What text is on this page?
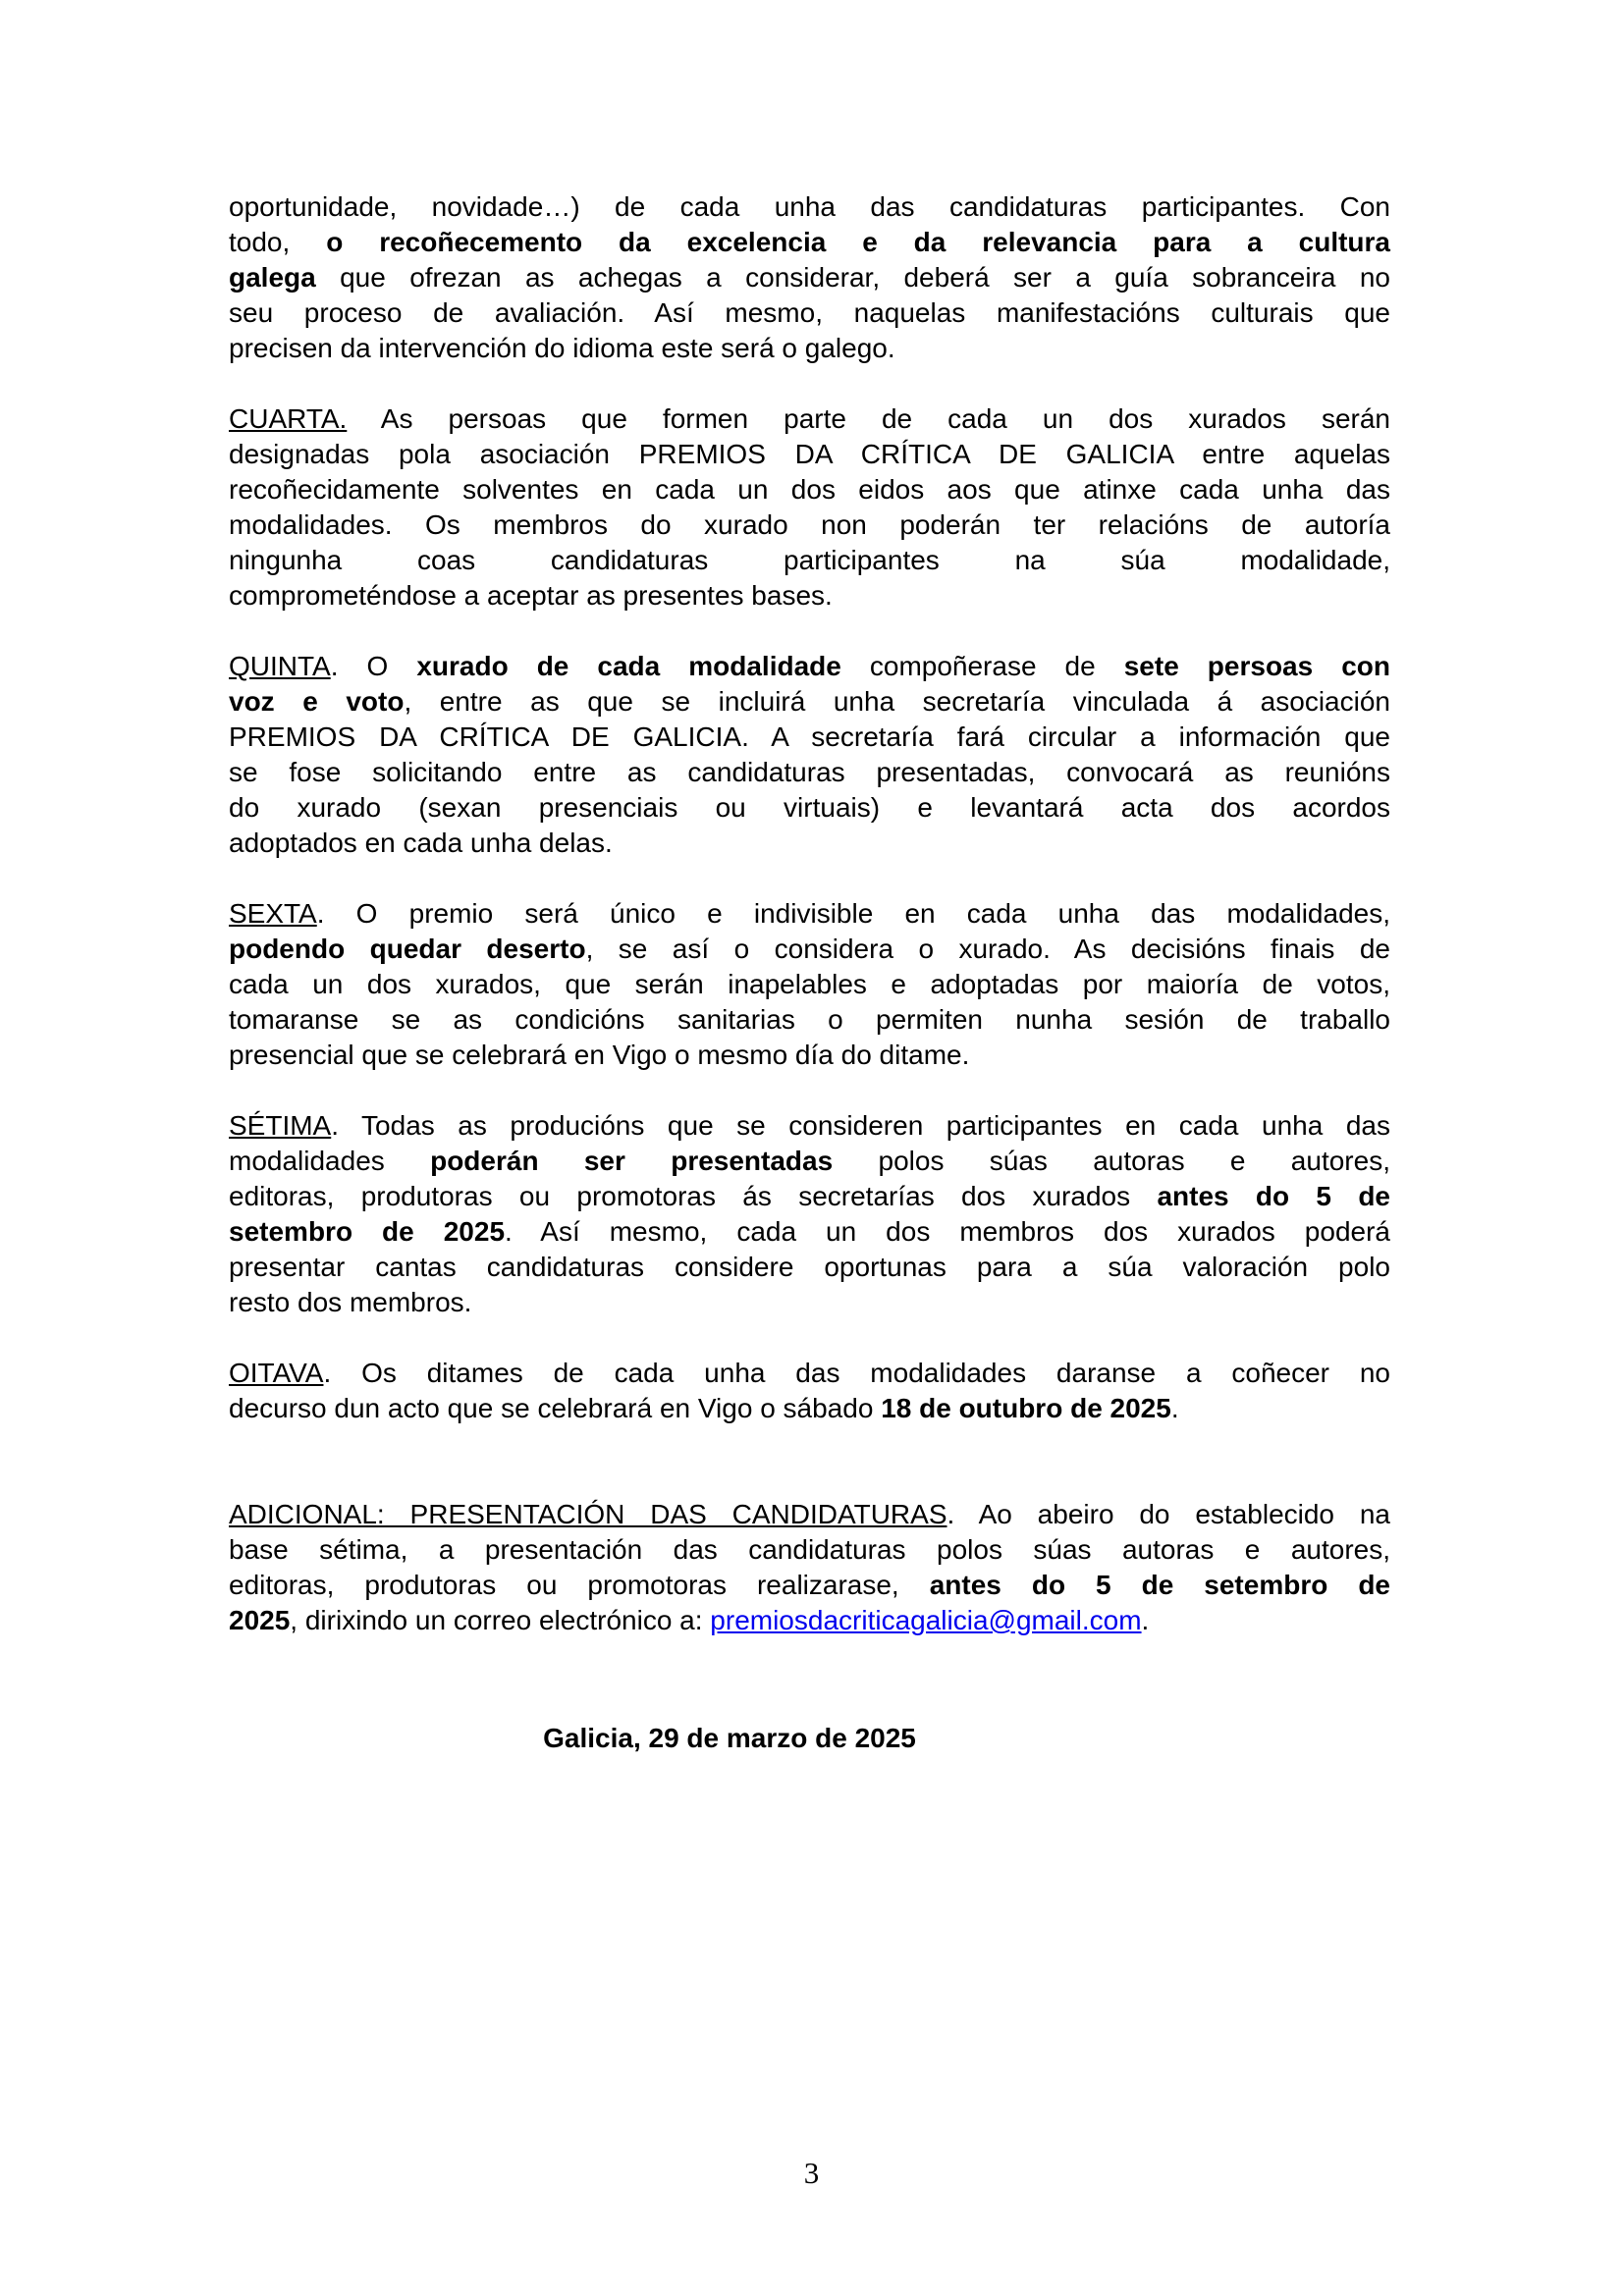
oportunidade, novidade…) de cada unha das candidaturas participantes. Con
todo, o recoñecemento da excelencia e da relevancia para a cultura
galega que ofrezan as achegas a considerar, deberá ser a guía sobranceira no
seu proceso de avaliación. Así mesmo, naquelas manifestacións culturais que
precisen da intervención do idioma este será o galego.
CUARTA. As persoas que formen parte de cada un dos xurados serán
designadas pola asociación PREMIOS DA CRÍTICA DE GALICIA entre aquelas
recoñecidamente solventes en cada un dos eidos aos que atinxe cada unha das
modalidades. Os membros do xurado non poderán ter relacións de autoría
ningunha coas candidaturas participantes na súa modalidade,
comprometéndose a aceptar as presentes bases.
QUINTA. O xurado de cada modalidade compoñerase de sete persoas con
voz e voto, entre as que se incluirá unha secretaría vinculada á asociación
PREMIOS DA CRÍTICA DE GALICIA. A secretaría fará circular a información que
se fose solicitando entre as candidaturas presentadas, convocará as reunións
do xurado (sexan presenciais ou virtuais) e levantará acta dos acordos
adoptados en cada unha delas.
SEXTA. O premio será único e indivisible en cada unha das modalidades,
podendo quedar deserto, se así o considera o xurado. As decisións finais de
cada un dos xurados, que serán inapelables e adoptadas por maioría de votos,
tomaranse se as condicións sanitarias o permiten nunha sesión de traballo
presencial que se celebrará en Vigo o mesmo día do ditame.
SÉTIMA. Todas as producións que se consideren participantes en cada unha das
modalidades poderán ser presentadas polos súas autoras e autores,
editoras, produtoras ou promotoras ás secretarías dos xurados antes do 5 de
setembro de 2025. Así mesmo, cada un dos membros dos xurados poderá
presentar cantas candidaturas considere oportunas para a súa valoración polo
resto dos membros.
OITAVA. Os ditames de cada unha das modalidades daranse a coñecer no
decurso dun acto que se celebrará en Vigo o sábado 18 de outubro de 2025.
ADICIONAL: PRESENTACIÓN DAS CANDIDATURAS. Ao abeiro do establecido na
base sétima, a presentación das candidaturas polos súas autoras e autores,
editoras, produtoras ou promotoras realizarase, antes do 5 de setembro de
2025, dirixindo un correo electrónico a: premiosdacriticagalicia@gmail.com.

Galicia, 29 de marzo de 2025

3
